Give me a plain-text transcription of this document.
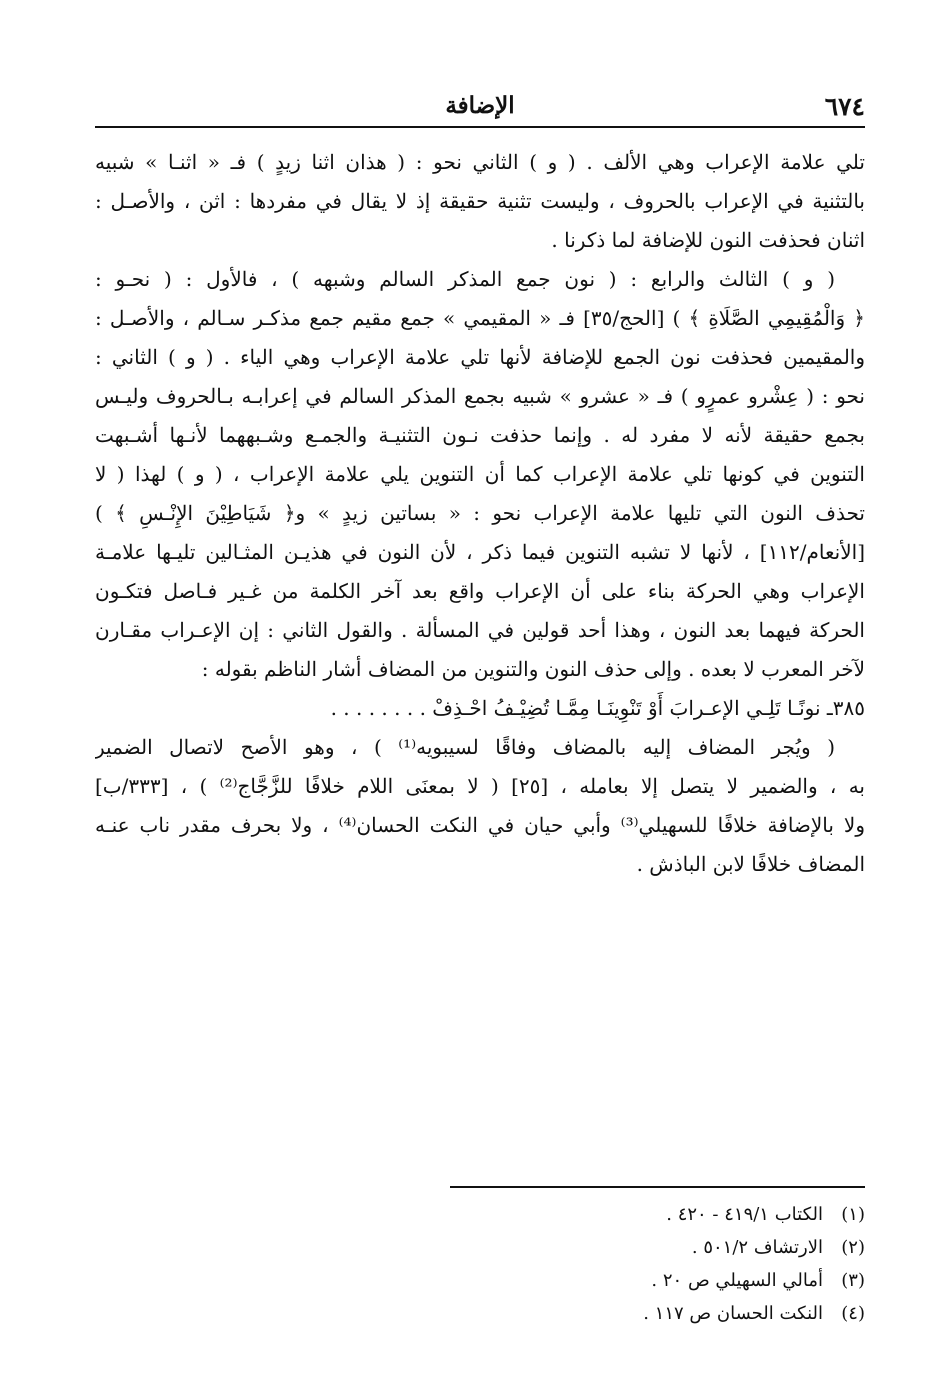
٦٧٤
الإضافة
تلي علامة الإعراب وهي الألف . ( و ) الثاني نحو : ( هذان اثنا زيدٍ ) فـ « اثنـا » شبيه
بالتثنية في الإعراب بالحروف ، وليست تثنية حقيقة إذ لا يقال في مفردها : اثن ، والأصـل :
اثنان فحذفت النون للإضافة لما ذكرنا .
( و ) الثالث والرابع : ( نون جمع المذكر السالم وشبهه ) ، فالأول : ( نحـو :
﴿ وَالْمُقِيمِي الصَّلَاةِ ﴾ ) [الحج/٣٥] فـ « المقيمي » جمع مقيم جمع مذكـر سـالم ، والأصـل :
والمقيمين فحذفت نون الجمع للإضافة لأنها تلي علامة الإعراب وهي الياء . ( و ) الثاني :
نحو : ( عِشْرو عمرٍو ) فـ « عشرو » شبيه بجمع المذكر السالم في إعرابـه بـالحروف وليـس
بجمع حقيقة لأنه لا مفرد له . وإنما حذفت نـون التثنيـة والجمـع وشـبههما لأنـها أشـبهت
التنوين في كونها تلي علامة الإعراب كما أن التنوين يلي علامة الإعراب ، ( و ) لهذا ( لا
تحذف النون التي تليها علامة الإعراب نحو : « بساتين زيدٍ » و﴿ شَيَاطِيْنَ الإِنْـسِ ﴾ )
[الأنعام/١١٢] ، لأنها لا تشبه التنوين فيما ذكر ، لأن النون في هذيـن المثـالين تليـها علامـة
الإعراب وهي الحركة بناء على أن الإعراب واقع بعد آخر الكلمة من غـير فـاصل فتكـون
الحركة فيهما بعد النون ، وهذا أحد قولين في المسألة . والقول الثاني : إن الإعـراب مقـارن
لآخر المعرب لا بعده . وإلى حذف النون والتنوين من المضاف أشار الناظم بقوله :
٣٨٥ـ نونًـا تَلِـي الإعـرابَ أَوْ تَنْوِينَـا مِمَّـا تُضِيْـفُ احْـذِفْ . . . . . . . .
( ويُجر المضاف إليه بالمضاف وفاقًا لسيبويه⁽¹⁾ ) ، وهو الأصح لاتصال الضمير
به ، والضمير لا يتصل إلا بعامله ، [٢٥] ( لا بمعنَى اللام خلافًا للزَّجَّاج⁽²⁾ ) ، [٣٣٣/ب]
ولا بالإضافة خلافًا للسهيلي⁽³⁾ وأبي حيان في النكت الحسان⁽⁴⁾ ، ولا بحرف مقدر ناب عنـه
المضاف خلافًا لابن الباذش .
(١)الكتاب ٤١٩/١ - ٤٢٠ .
(٢)الارتشاف ٥٠١/٢ .
(٣)أمالي السهيلي ص ٢٠ .
(٤)النكت الحسان ص ١١٧ .
